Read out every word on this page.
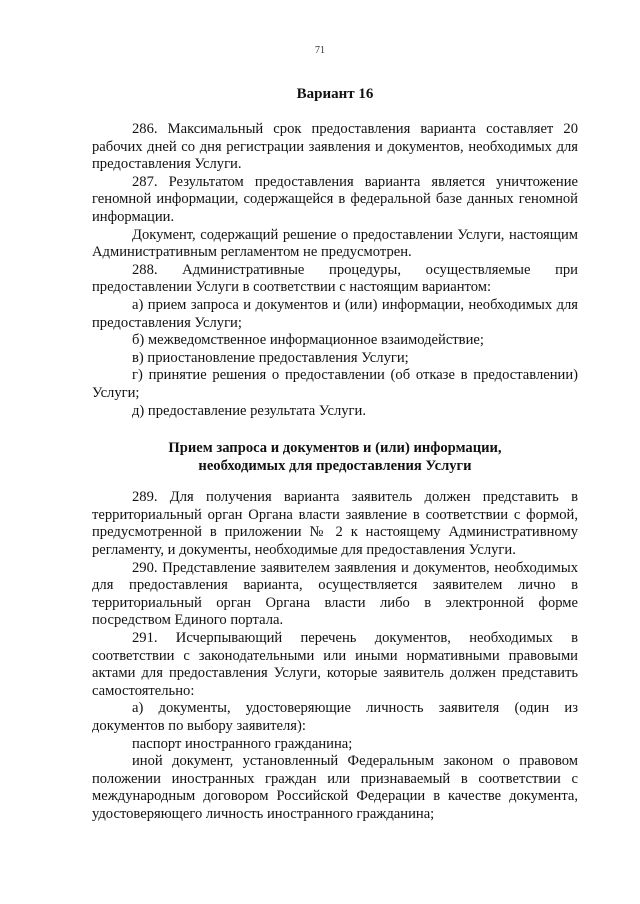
71
Вариант 16

286. Максимальный срок предоставления варианта составляет 20 рабочих дней со дня регистрации заявления и документов, необходимых для предоставления Услуги.

287. Результатом предоставления варианта является уничтожение геномной информации, содержащейся в федеральной базе данных геномной информации.

Документ, содержащий решение о предоставлении Услуги, настоящим Административным регламентом не предусмотрен.

288. Административные процедуры, осуществляемые при предоставлении Услуги в соответствии с настоящим вариантом:

а) прием запроса и документов и (или) информации, необходимых для предоставления Услуги;

б) межведомственное информационное взаимодействие;

в) приостановление предоставления Услуги;

г) принятие решения о предоставлении (об отказе в предоставлении) Услуги;

д) предоставление результата Услуги.

Прием запроса и документов и (или) информации,
необходимых для предоставления Услуги

289. Для получения варианта заявитель должен представить в территориальный орган Органа власти заявление в соответствии с формой, предусмотренной в приложении № 2 к настоящему Административному регламенту, и документы, необходимые для предоставления Услуги.

290. Представление заявителем заявления и документов, необходимых для предоставления варианта, осуществляется заявителем лично в территориальный орган Органа власти либо в электронной форме посредством Единого портала.

291. Исчерпывающий перечень документов, необходимых в соответствии с законодательными или иными нормативными правовыми актами для предоставления Услуги, которые заявитель должен представить самостоятельно:

а) документы, удостоверяющие личность заявителя (один из документов по выбору заявителя):

паспорт иностранного гражданина;

иной документ, установленный Федеральным законом о правовом положении иностранных граждан или признаваемый в соответствии с международным договором Российской Федерации в качестве документа, удостоверяющего личность иностранного гражданина;
